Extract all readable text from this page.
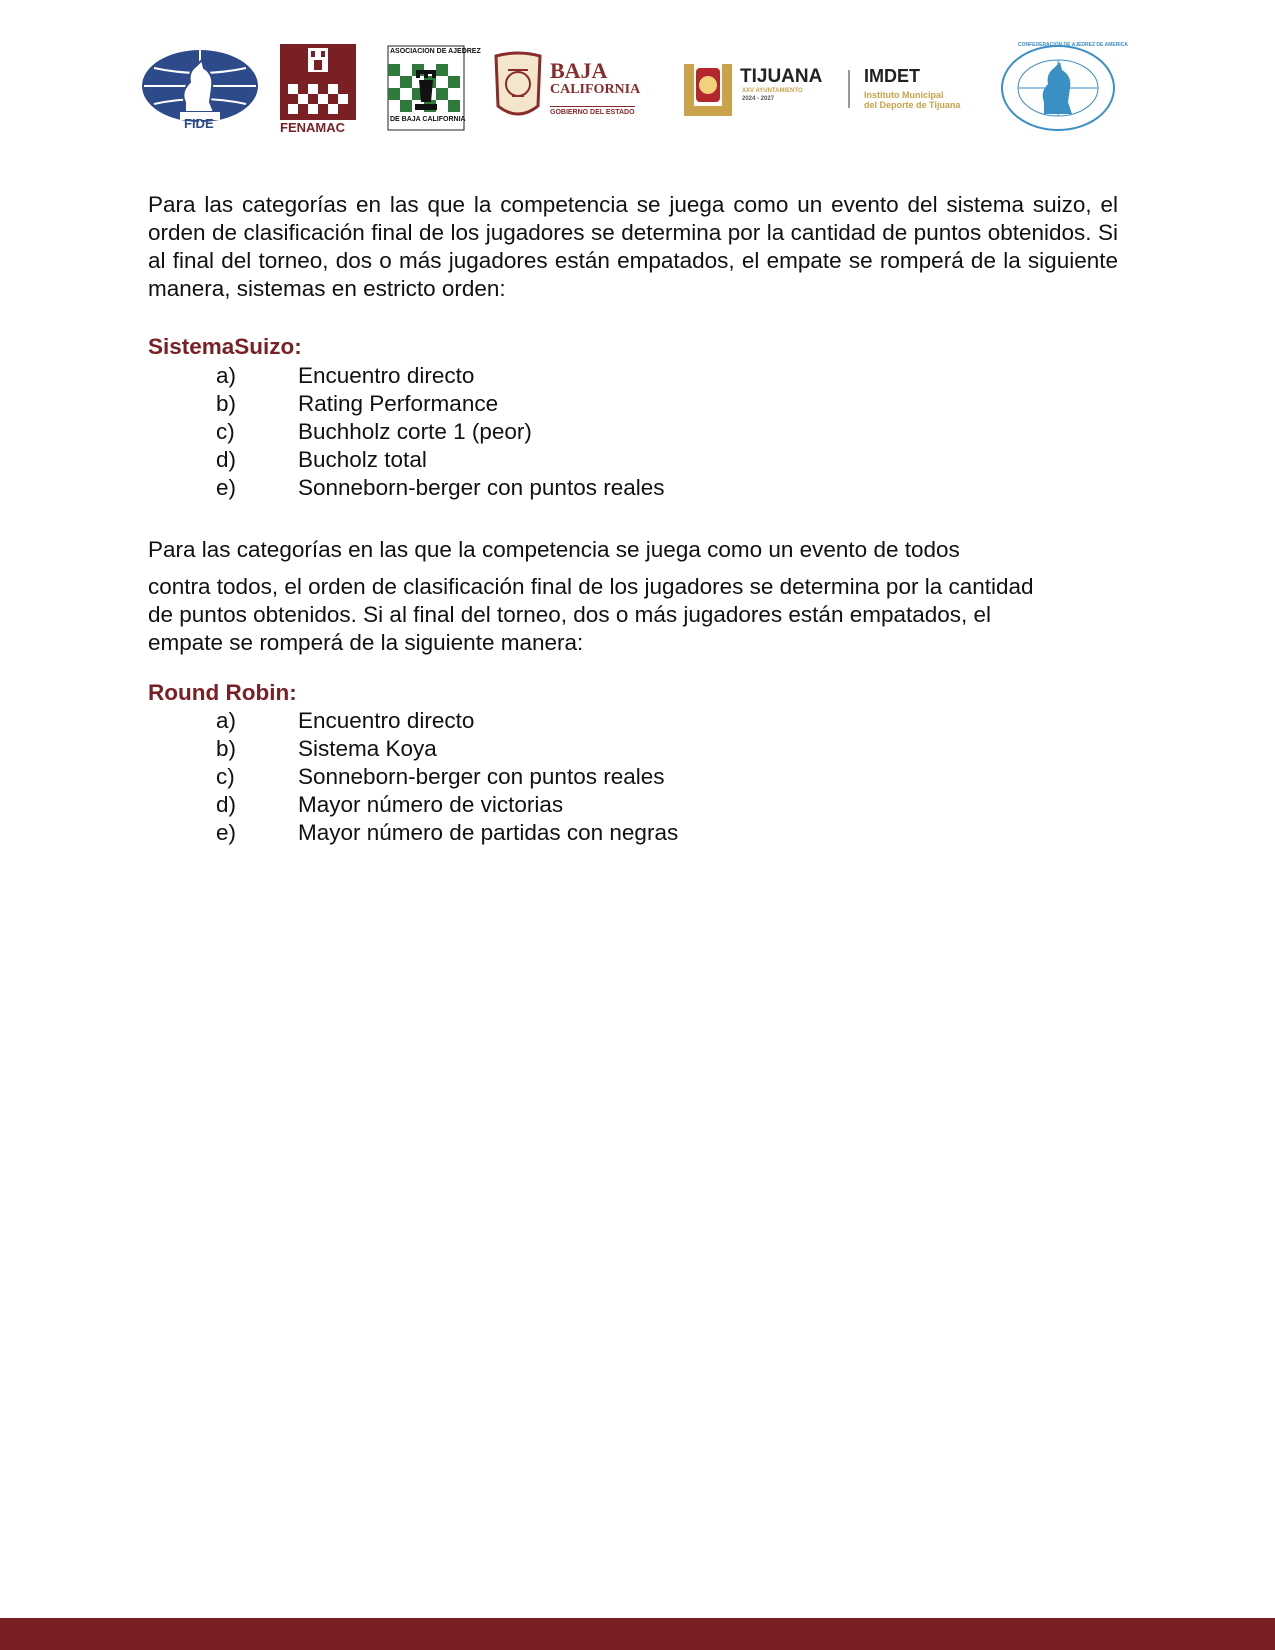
FIDE	FENAMAC
ASOCIACION DE AJEDREZ
DE BAJA CALIFORNIA
BAJA
CALIFORNIA
GOBIERNO DEL ESTADO
TIJUANA
XXV AYUNTAMIENTO
2024 - 2027
IMDET
Instituto Municipal
del Deporte de Tijuana
CONFEDERACION DE AJEDREZ DE AMERICA

Para las categorías en las que la competencia se juega como un evento del sistema suizo, el orden de clasificación final de los jugadores se determina por la cantidad de puntos obtenidos. Si al final del torneo, dos o más jugadores están empatados, el empate se romperá de la siguiente manera, sistemas en estricto orden:

SistemaSuizo:

a)	Encuentro directo
b)	Rating Performance
c)	Buchholz corte 1 (peor)
d)	Bucholz total
e)	Sonneborn-berger con puntos reales

Para las categorías en las que la competencia se juega como un evento de todos

contra todos, el orden de clasificación final de los jugadores se determina por la cantidad de puntos obtenidos. Si al final del torneo, dos o más jugadores están empatados, el empate se romperá de la siguiente manera:

Round Robin:

a)	Encuentro directo
b)	Sistema Koya
c)	Sonneborn-berger con puntos reales
d)	Mayor número de victorias
e)	Mayor número de partidas con negras
